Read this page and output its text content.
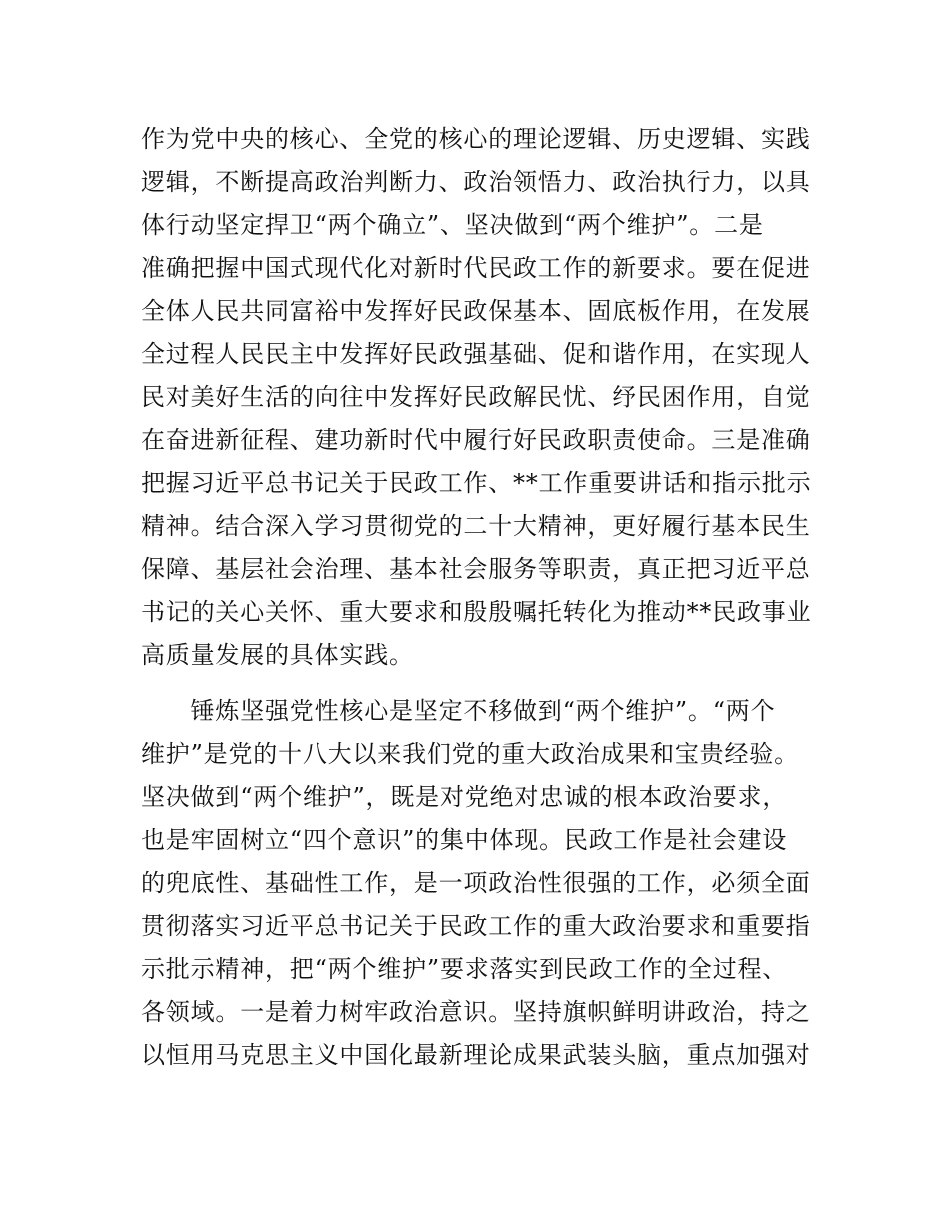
作为党中央的核心、全党的核心的理论逻辑、历史逻辑、实践
逻辑，不断提高政治判断力、政治领悟力、政治执行力，以具
体行动坚定捍卫“两个确立”、坚决做到“两个维护”。二是
准确把握中国式现代化对新时代民政工作的新要求。要在促进
全体人民共同富裕中发挥好民政保基本、固底板作用，在发展
全过程人民民主中发挥好民政强基础、促和谐作用，在实现人
民对美好生活的向往中发挥好民政解民忧、纾民困作用，自觉
在奋进新征程、建功新时代中履行好民政职责使命。三是准确
把握习近平总书记关于民政工作、**工作重要讲话和指示批示
精神。结合深入学习贯彻党的二十大精神，更好履行基本民生
保障、基层社会治理、基本社会服务等职责，真正把习近平总
书记的关心关怀、重大要求和殷殷嘱托转化为推动**民政事业
高质量发展的具体实践。
　　锤炼坚强党性核心是坚定不移做到“两个维护”。“两个
维护”是党的十八大以来我们党的重大政治成果和宝贵经验。
坚决做到“两个维护”，既是对党绝对忠诚的根本政治要求，
也是牢固树立“四个意识”的集中体现。民政工作是社会建设
的兜底性、基础性工作，是一项政治性很强的工作，必须全面
贯彻落实习近平总书记关于民政工作的重大政治要求和重要指
示批示精神，把“两个维护”要求落实到民政工作的全过程、
各领域。一是着力树牢政治意识。坚持旗帜鲜明讲政治，持之
以恒用马克思主义中国化最新理论成果武装头脑，重点加强对
